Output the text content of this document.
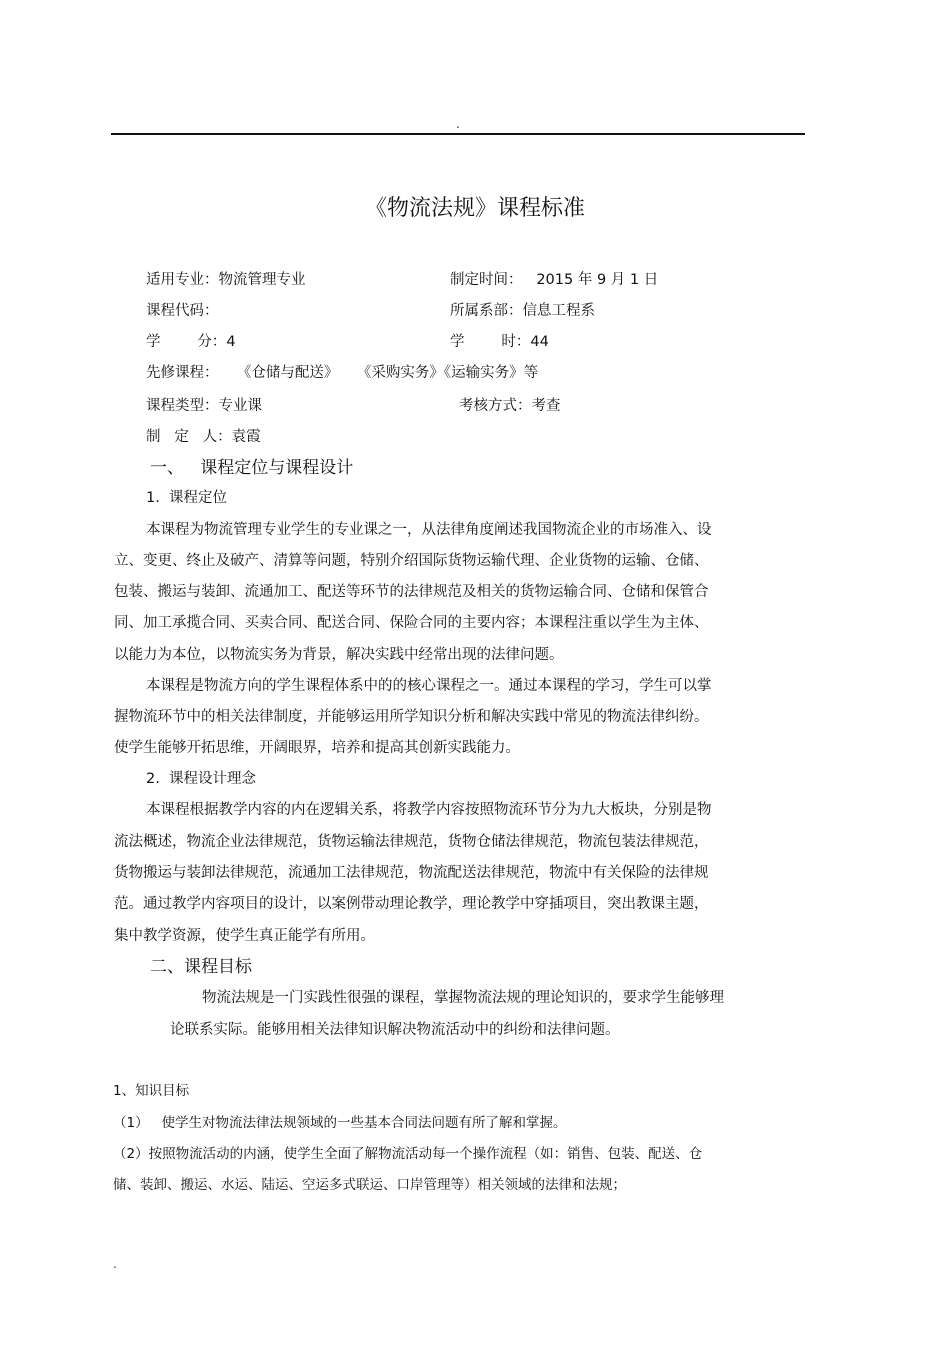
.
《物流法规》课程标准
适用专业：物流管理专业	制定时间：   2015 年 9 月 1 日
课程代码：	所属系部：信息工程系
学        分：4	学        时：44
先修课程：    《仓储与配送》    《采购实务》《运输实务》等
课程类型：专业课	考核方式：考查
制   定   人：袁霞
一、   课程定位与课程设计
1.  课程定位
本课程为物流管理专业学生的专业课之一，从法律角度阐述我国物流企业的市场准入、设
立、变更、终止及破产、清算等问题，特别介绍国际货物运输代理、企业货物的运输、仓储、
包装、搬运与装卸、流通加工、配送等环节的法律规范及相关的货物运输合同、仓储和保管合
同、加工承揽合同、买卖合同、配送合同、保险合同的主要内容；本课程注重以学生为主体、
以能力为本位，以物流实务为背景，解决实践中经常出现的法律问题。
本课程是物流方向的学生课程体系中的的核心课程之一。通过本课程的学习，学生可以掌
握物流环节中的相关法律制度，并能够运用所学知识分析和解决实践中常见的物流法律纠纷。
使学生能够开拓思维，开阔眼界，培养和提高其创新实践能力。
2.  课程设计理念
本课程根据教学内容的内在逻辑关系，将教学内容按照物流环节分为九大板块，分别是物
流法概述，物流企业法律规范，货物运输法律规范，货物仓储法律规范，物流包装法律规范，
货物搬运与装卸法律规范，流通加工法律规范，物流配送法律规范，物流中有关保险的法律规
范。通过教学内容项目的设计，以案例带动理论教学，理论教学中穿插项目，突出教课主题，
集中教学资源，使学生真正能学有所用。
二、课程目标
物流法规是一门实践性很强的课程，掌握物流法规的理论知识的，要求学生能够理
论联系实际。能够用相关法律知识解决物流活动中的纠纷和法律问题。
1、知识目标
（1）   使学生对物流法律法规领域的一些基本合同法问题有所了解和掌握。
（2）按照物流活动的内涵，使学生全面了解物流活动每一个操作流程（如：销售、包装、配送、仓
储、装卸、搬运、水运、陆运、空运多式联运、口岸管理等）相关领域的法律和法规；
.
